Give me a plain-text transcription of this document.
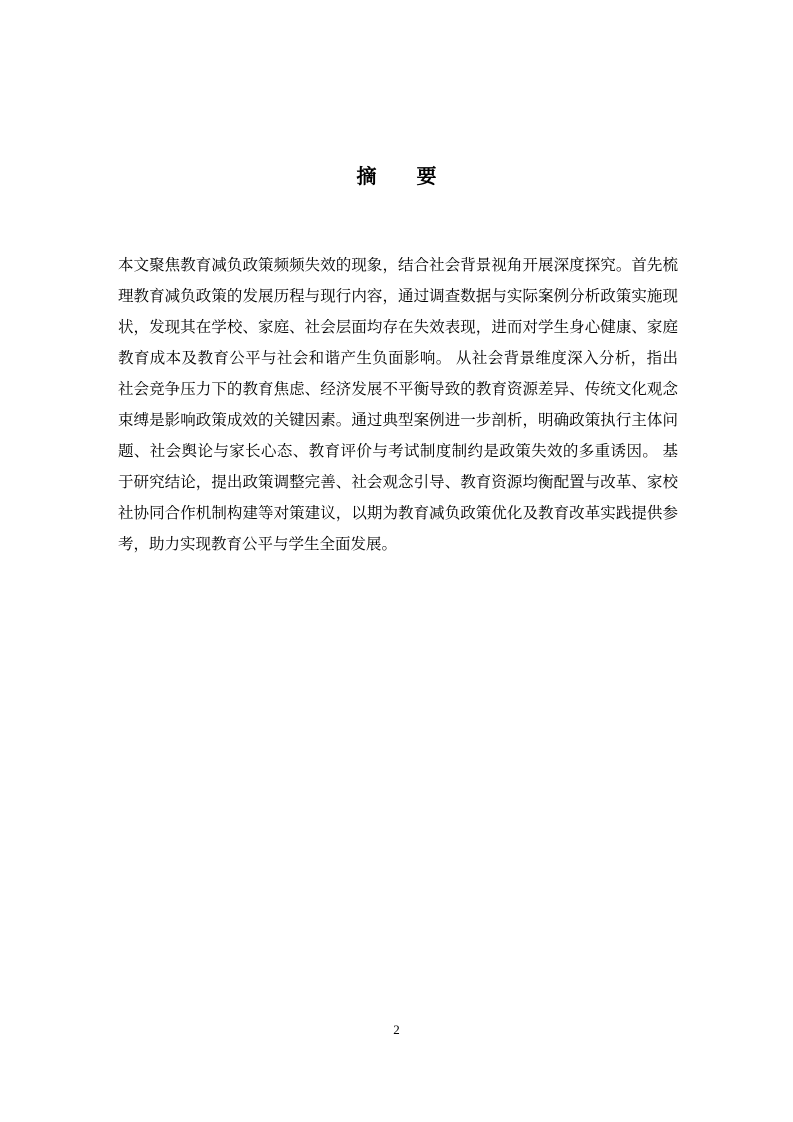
摘　要
本文聚焦教育减负政策频频失效的现象，结合社会背景视角开展深度探究。首先梳理教育减负政策的发展历程与现行内容，通过调查数据与实际案例分析政策实施现状，发现其在学校、家庭、社会层面均存在失效表现，进而对学生身心健康、家庭教育成本及教育公平与社会和谐产生负面影响。 从社会背景维度深入分析，指出社会竞争压力下的教育焦虑、经济发展不平衡导致的教育资源差异、传统文化观念束缚是影响政策成效的关键因素。通过典型案例进一步剖析，明确政策执行主体问题、社会舆论与家长心态、教育评价与考试制度制约是政策失效的多重诱因。 基于研究结论，提出政策调整完善、社会观念引导、教育资源均衡配置与改革、家校社协同合作机制构建等对策建议，以期为教育减负政策优化及教育改革实践提供参考，助力实现教育公平与学生全面发展。
2
